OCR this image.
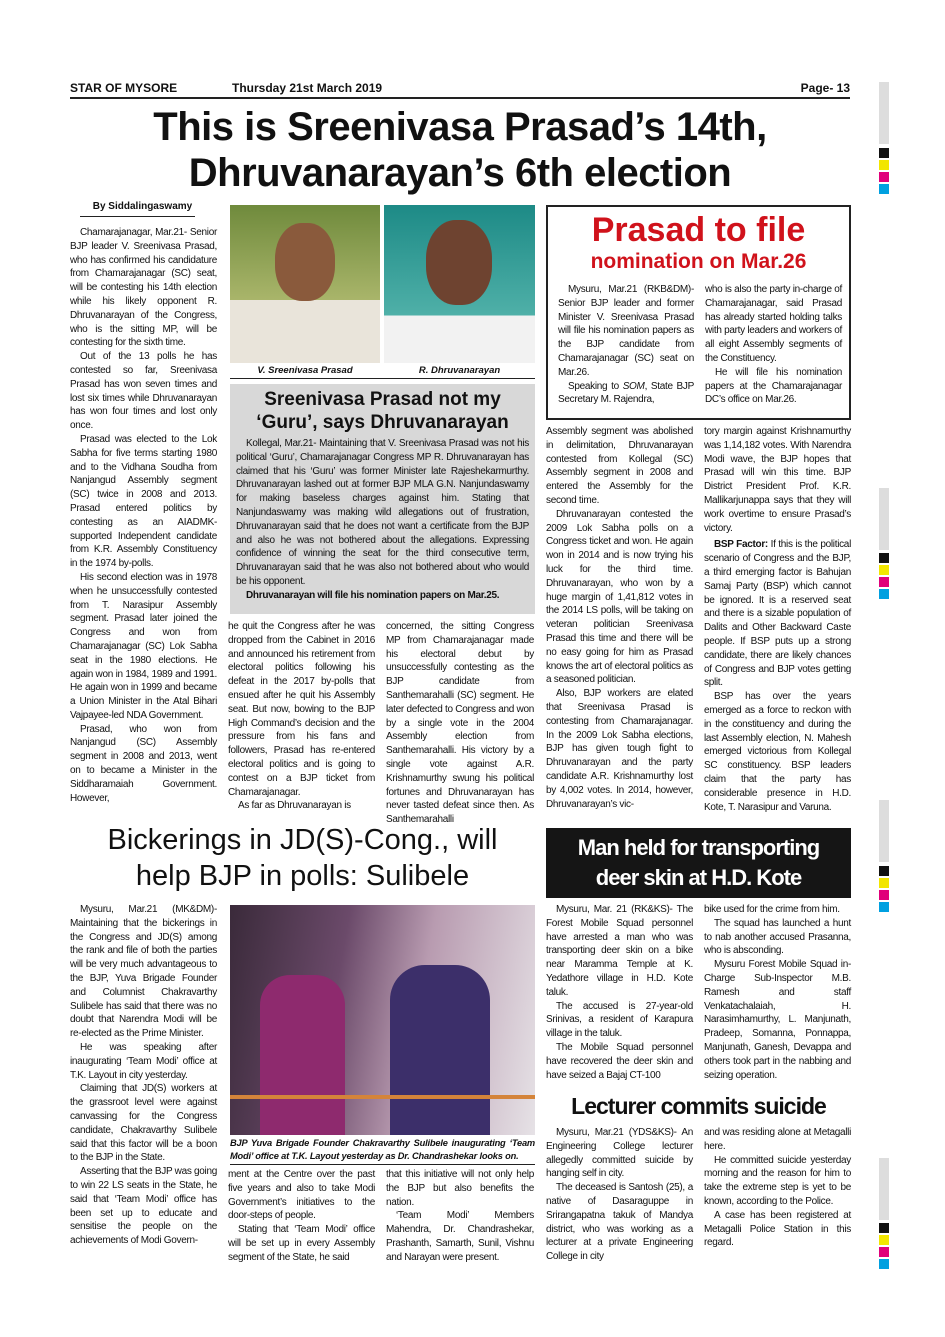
STAR OF MYSORE	Thursday 21st March 2019	Page- 13
This is Sreenivasa Prasad’s 14th,
Dhruvanarayan’s 6th election
By Siddalingaswamy

Chamarajanagar, Mar.21- Senior BJP leader V. Sreenivasa Prasad, who has confirmed his candidature from Chamarajanagar (SC) seat, will be contesting his 14th election while his likely opponent R. Dhruvanarayan of the Congress, who is the sitting MP, will be contesting for the sixth time.

Out of the 13 polls he has contested so far, Sreenivasa Prasad has won seven times and lost six times while Dhruvanarayan has won four times and lost only once.

Prasad was elected to the Lok Sabha for five terms starting 1980 and to the Vidhana Soudha from Nanjangud Assembly segment (SC) twice in 2008 and 2013. Prasad entered politics by contesting as an AIADMK-supported Independent candidate from K.R. Assembly Constituency in the 1974 by-polls.

His second election was in 1978 when he unsuccessfully contested from T. Narasipur Assembly segment. Prasad later joined the Congress and won from Chamarajanagar (SC) Lok Sabha seat in the 1980 elections. He again won in 1984, 1989 and 1991. He again won in 1999 and became a Union Minister in the Atal Bihari Vajpayee-led NDA Government.

Prasad, who won from Nanjangud (SC) Assembly segment in 2008 and 2013, went on to became a Minister in the Siddharamaiah Government. However,

V. Sreenivasa Prasad	R. Dhruvanarayan
Sreenivasa Prasad not my
‘Guru’, says Dhruvanarayan

Kollegal, Mar.21- Maintaining that V. Sreenivasa Prasad was not his political ‘Guru’, Chamarajanagar Congress MP R. Dhruvanarayan has claimed that his ‘Guru’ was former Minister late Rajeshekarmurthy. Dhruvanarayan lashed out at former BJP MLA G.N. Nanjundaswamy for making baseless charges against him. Stating that Nanjundaswamy was making wild allegations out of frustration, Dhruvanarayan said that he does not want a certificate from the BJP and also he was not bothered about the allegations. Expressing confidence of winning the seat for the third consecutive term, Dhruvanarayan said that he was also not bothered about who would be his opponent.

Dhruvanarayan will file his nomination papers on Mar.25.

he quit the Congress after he was dropped from the Cabinet in 2016 and announced his retirement from electoral politics following his defeat in the 2017 by-polls that ensued after he quit his Assembly seat. But now, bowing to the BJP High Command’s decision and the pressure from his fans and followers, Prasad has re-entered electoral politics and is going to contest on a BJP ticket from Chamarajanagar.

As far as Dhruvanarayan is

concerned, the sitting Congress MP from Chamarajanagar made his electoral debut by unsuccessfully contesting as the BJP candidate from Santhemarahalli (SC) segment. He later defected to Congress and won by a single vote in the 2004 Assembly election from Santhemarahalli. His victory by a single vote against A.R. Krishnamurthy swung his political fortunes and Dhruvanarayan has never tasted defeat since then. As Santhemarahalli

Prasad to file
nomination on Mar.26

Mysuru, Mar.21 (RKB&DM)- Senior BJP leader and former Minister V. Sreenivasa Prasad will file his nomination papers as the BJP candidate from Chamarajanagar (SC) seat on Mar.26.

Speaking to SOM, State BJP Secretary M. Rajendra,

who is also the party in-charge of Chamarajanagar, said Prasad has already started holding talks with party leaders and workers of all eight Assembly segments of the Constituency.

He will file his nomination papers at the Chamarajanagar DC’s office on Mar.26.

Assembly segment was abolished in delimitation, Dhruvanarayan contested from Kollegal (SC) Assembly segment in 2008 and entered the Assembly for the second time.

Dhruvanarayan contested the 2009 Lok Sabha polls on a Congress ticket and won. He again won in 2014 and is now trying his luck for the third time. Dhruvanarayan, who won by a huge margin of 1,41,812 votes in the 2014 LS polls, will be taking on veteran politician Sreenivasa Prasad this time and there will be no easy going for him as Prasad knows the art of electoral politics as a seasoned politician.

Also, BJP workers are elated that Sreenivasa Prasad is contesting from Chamarajanagar. In the 2009 Lok Sabha elections, BJP has given tough fight to Dhruvanarayan and the party candidate A.R. Krishnamurthy lost by 4,002 votes. In 2014, however, Dhruvanarayan’s vic-

tory margin against Krishnamurthy was 1,14,182 votes. With Narendra Modi wave, the BJP hopes that Prasad will win this time. BJP District President Prof. K.R. Mallikarjunappa says that they will work overtime to ensure Prasad’s victory.

BSP Factor: If this is the political scenario of Congress and the BJP, a third emerging factor is Bahujan Samaj Party (BSP) which cannot be ignored. It is a reserved seat and there is a sizable population of Dalits and Other Backward Caste people. If BSP puts up a strong candidate, there are likely chances of Congress and BJP votes getting split.

BSP has over the years emerged as a force to reckon with in the constituency and during the last Assembly election, N. Mahesh emerged victorious from Kollegal SC constituency. BSP leaders claim that the party has considerable presence in H.D. Kote, T. Narasipur and Varuna.

Bickerings in JD(S)-Cong., will
help BJP in polls: Sulibele

Mysuru, Mar.21 (MK&DM)- Maintaining that the bickerings in the Congress and JD(S) among the rank and file of both the parties will be very much advantageous to the BJP, Yuva Brigade Founder and Columnist Chakravarthy Sulibele has said that there was no doubt that Narendra Modi will be re-elected as the Prime Minister.

He was speaking after inaugurating ‘Team Modi’ office at T.K. Layout in city yesterday.

Claiming that JD(S) workers at the grassroot level were against canvassing for the Congress candidate, Chakravarthy Sulibele said that this factor will be a boon to the BJP in the State.

Asserting that the BJP was going to win 22 LS seats in the State, he said that ‘Team Modi’ office has been set up to educate and sensitise the people on the achievements of Modi Govern-

BJP Yuva Brigade Founder Chakravarthy Sulibele inaugurating ‘Team Modi’ office at T.K. Layout yesterday as Dr. Chandrashekar looks on.

ment at the Centre over the past five years and also to take Modi Government’s initiatives to the door-steps of people.

Stating that ‘Team Modi’ office will be set up in every Assembly segment of the State, he said

that this initiative will not only help the BJP but also benefits the nation.

‘Team Modi’ Members Mahendra, Dr. Chandrashekar, Prashanth, Samarth, Sunil, Vishnu and Narayan were present.

Man held for transporting
deer skin at H.D. Kote

Mysuru, Mar. 21 (RK&KS)- The Forest Mobile Squad personnel have arrested a man who was transporting deer skin on a bike near Maramma Temple at K. Yedathore village in H.D. Kote taluk.

The accused is 27-year-old Srinivas, a resident of Karapura village in the taluk.

The Mobile Squad personnel have recovered the deer skin and have seized a Bajaj CT-100

bike used for the crime from him.

The squad has launched a hunt to nab another accused Prasanna, who is absconding.

Mysuru Forest Mobile Squad in-Charge Sub-Inspector M.B. Ramesh and staff Venkatachalaiah, H. Narasimhamurthy, L. Manjunath, Pradeep, Somanna, Ponnappa, Manjunath, Ganesh, Devappa and others took part in the nabbing and seizing operation.

Lecturer commits suicide

Mysuru, Mar.21 (YDS&KS)- An Engineering College lecturer allegedly committed suicide by hanging self in city.

The deceased is Santosh (25), a native of Dasaraguppe in Srirangapatna takuk of Mandya district, who was working as a lecturer at a private Engineering College in city

and was residing alone at Metagalli here.

He committed suicide yesterday morning and the reason for him to take the extreme step is yet to be known, according to the Police.

A case has been registered at Metagalli Police Station in this regard.
